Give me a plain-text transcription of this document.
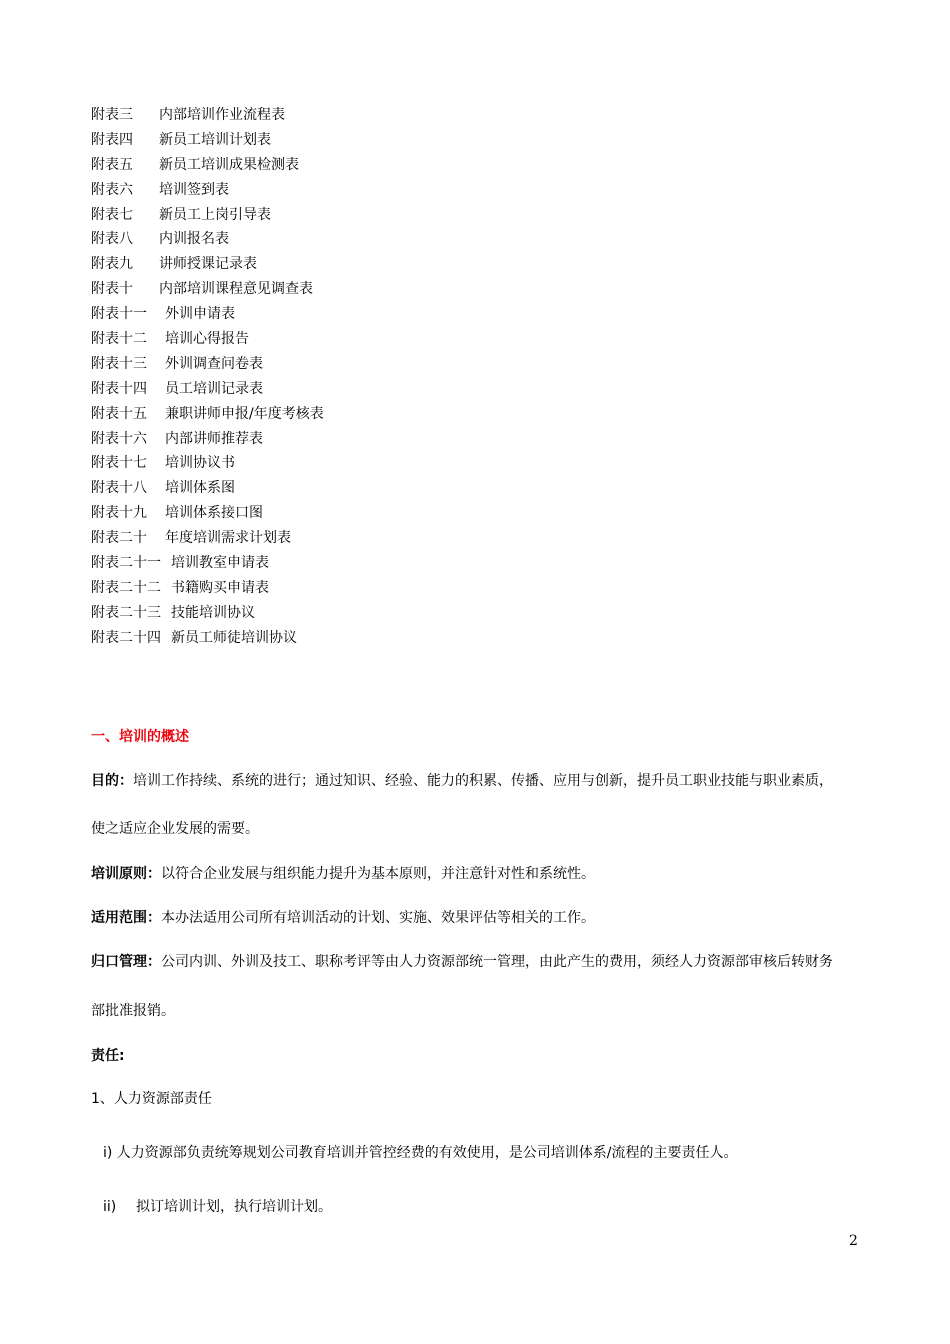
附表三 内部培训作业流程表
附表四 新员工培训计划表
附表五 新员工培训成果检测表
附表六 培训签到表
附表七 新员工上岗引导表
附表八 内训报名表
附表九 讲师授课记录表
附表十 内部培训课程意见调查表
附表十一 外训申请表
附表十二 培训心得报告
附表十三 外训调查问卷表
附表十四 员工培训记录表
附表十五 兼职讲师申报/年度考核表
附表十六 内部讲师推荐表
附表十七 培训协议书
附表十八 培训体系图
附表十九 培训体系接口图
附表二十 年度培训需求计划表
附表二十一 培训教室申请表
附表二十二 书籍购买申请表
附表二十三 技能培训协议
附表二十四 新员工师徒培训协议
一、培训的概述
目的：培训工作持续、系统的进行；通过知识、经验、能力的积累、传播、应用与创新，提升员工职业技能与职业素质，
使之适应企业发展的需要。
培训原则：以符合企业发展与组织能力提升为基本原则，并注意针对性和系统性。
适用范围：本办法适用公司所有培训活动的计划、实施、效果评估等相关的工作。
归口管理：公司内训、外训及技工、职称考评等由人力资源部统一管理，由此产生的费用，须经人力资源部审核后转财务
部批准报销。
责任:
1、人力资源部责任
i) 人力资源部负责统筹规划公司教育培训并管控经费的有效使用，是公司培训体系/流程的主要责任人。
ii) 拟订培训计划，执行培训计划。
2
